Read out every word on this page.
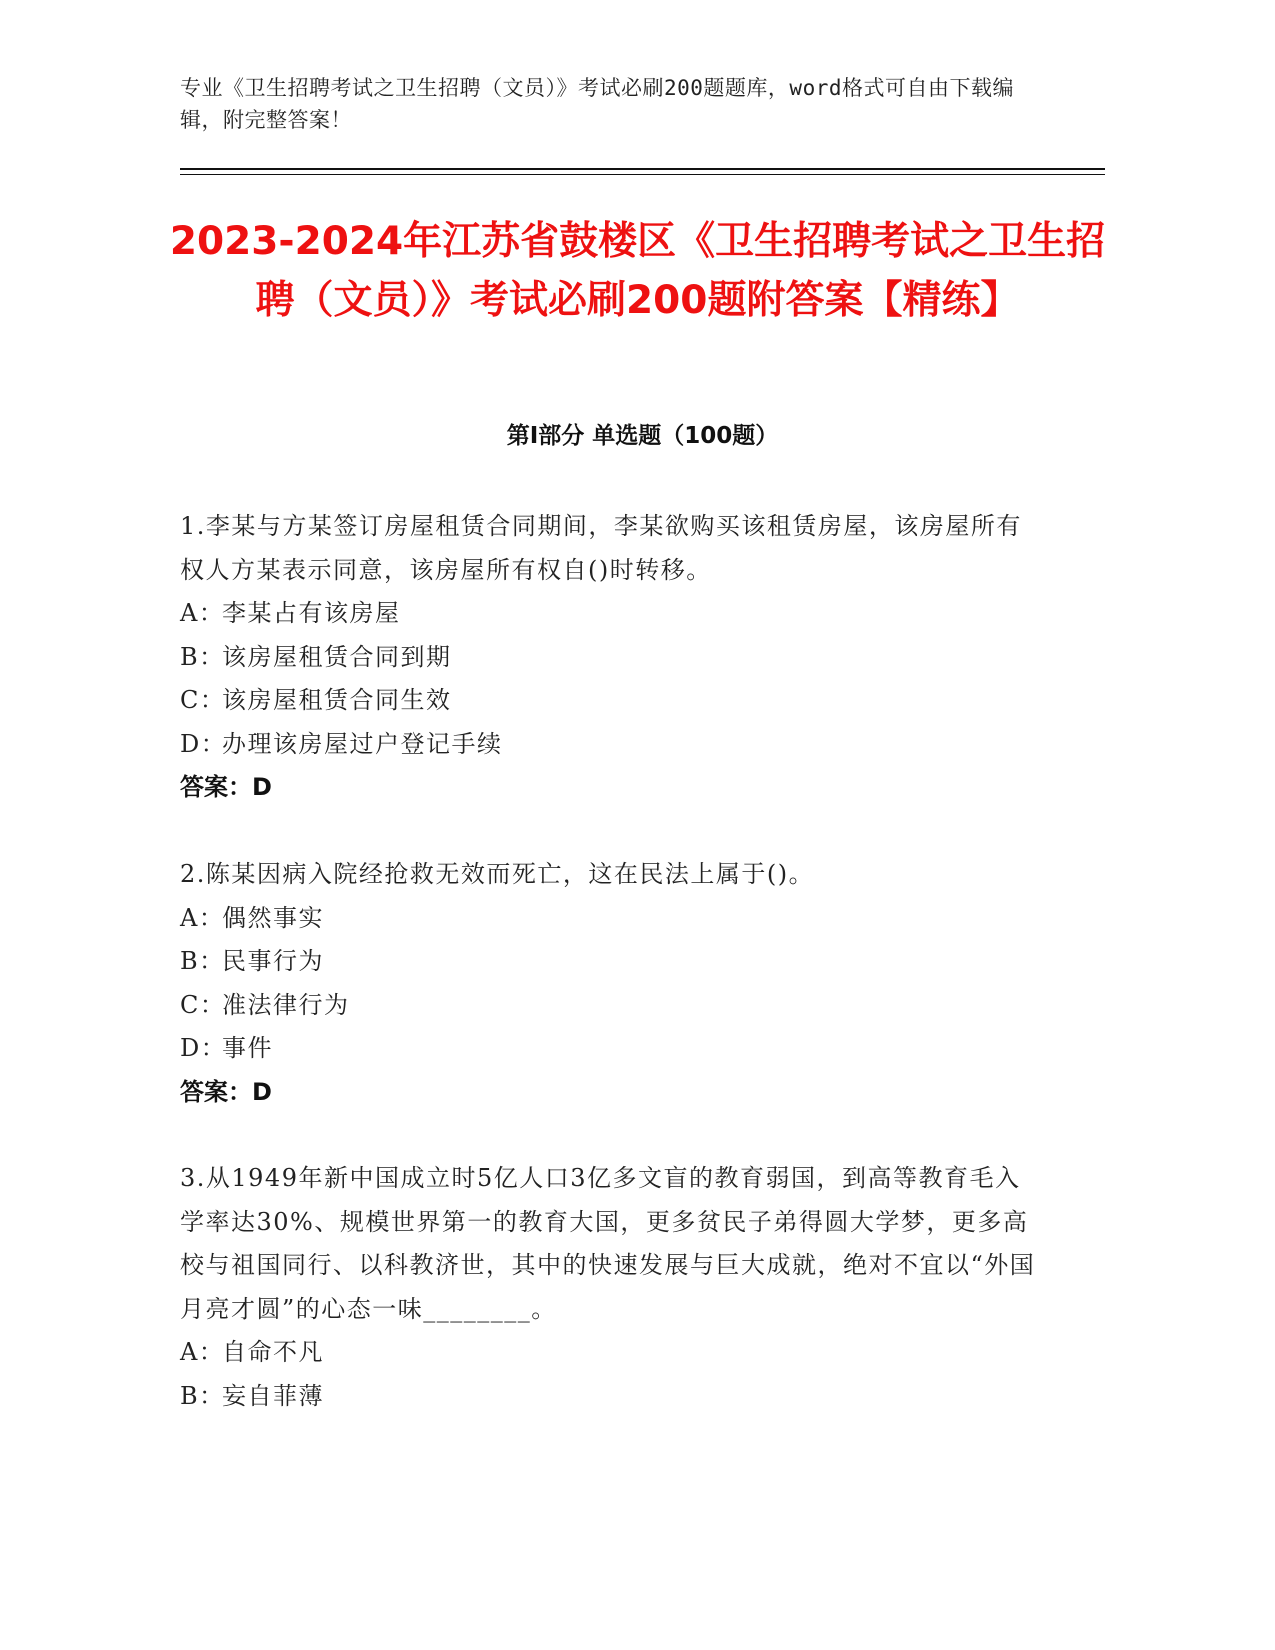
专业《卫生招聘考试之卫生招聘（文员）》考试必刷200题题库，word格式可自由下载编辑，附完整答案！
2023-2024年江苏省鼓楼区《卫生招聘考试之卫生招聘（文员）》考试必刷200题附答案【精练】
第Ⅰ部分 单选题（100题）
1.李某与方某签订房屋租赁合同期间，李某欲购买该租赁房屋，该房屋所有权人方某表示同意，该房屋所有权自()时转移。
A：李某占有该房屋
B：该房屋租赁合同到期
C：该房屋租赁合同生效
D：办理该房屋过户登记手续
答案：D
2.陈某因病入院经抢救无效而死亡，这在民法上属于()。
A：偶然事实
B：民事行为
C：准法律行为
D：事件
答案：D
3.从1949年新中国成立时5亿人口3亿多文盲的教育弱国，到高等教育毛入学率达30%、规模世界第一的教育大国，更多贫民子弟得圆大学梦，更多高校与祖国同行、以科教济世，其中的快速发展与巨大成就，绝对不宜以“外国月亮才圆”的心态一味________。
A：自命不凡
B：妄自菲薄
